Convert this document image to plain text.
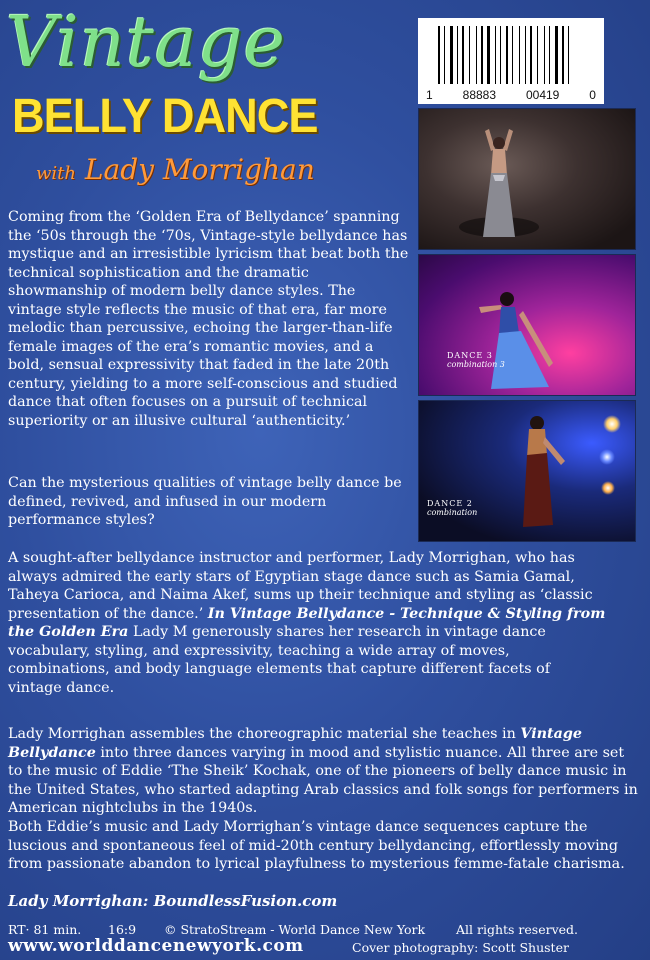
Vintage
BELLY DANCE
with Lady Morrighan
1 88883 00419 0
DANCE 3
combination 3
DANCE 2
combination

Coming from the ‘Golden Era of Bellydance’ spanning the ‘50s through the ‘70s, Vintage-style bellydance has mystique and an irresistible lyricism that beat both the technical sophistication and the dramatic showmanship of modern belly dance styles. The vintage style reflects the music of that era, far more melodic than percussive, echoing the larger-than-life female images of the era’s romantic movies, and a bold, sensual expressivity that faded in the late 20th century, yielding to a more self-conscious and studied dance that often focuses on a pursuit of technical superiority or an illusive cultural ‘authenticity.’

Can the mysterious qualities of vintage belly dance be defined, revived, and infused in our modern performance styles?

A sought-after bellydance instructor and performer, Lady Morrighan, who has always admired the early stars of Egyptian stage dance such as Samia Gamal, Taheya Carioca, and Naima Akef, sums up their technique and styling as ‘classic presentation of the dance.’ In Vintage Bellydance - Technique & Styling from the Golden Era Lady M generously shares her research in vintage dance vocabulary, styling, and expressivity, teaching a wide array of moves, combinations, and body language elements that capture different facets of vintage dance.

Lady Morrighan assembles the choreographic material she teaches in Vintage Bellydance into three dances varying in mood and stylistic nuance. All three are set to the music of Eddie ‘The Sheik’ Kochak, one of the pioneers of belly dance music in the United States, who started adapting Arab classics and folk songs for performers in American nightclubs in the 1940s.

Both Eddie’s music and Lady Morrighan’s vintage dance sequences capture the luscious and spontaneous feel of mid-20th century bellydancing, effortlessly moving from passionate abandon to lyrical playfulness to mysterious femme-fatale charisma.

Lady Morrighan: BoundlessFusion.com
RT· 81 min. 16:9 © StratoStream - World Dance New York All rights reserved.
www.worlddancenewyork.com	Cover photography: Scott Shuster
